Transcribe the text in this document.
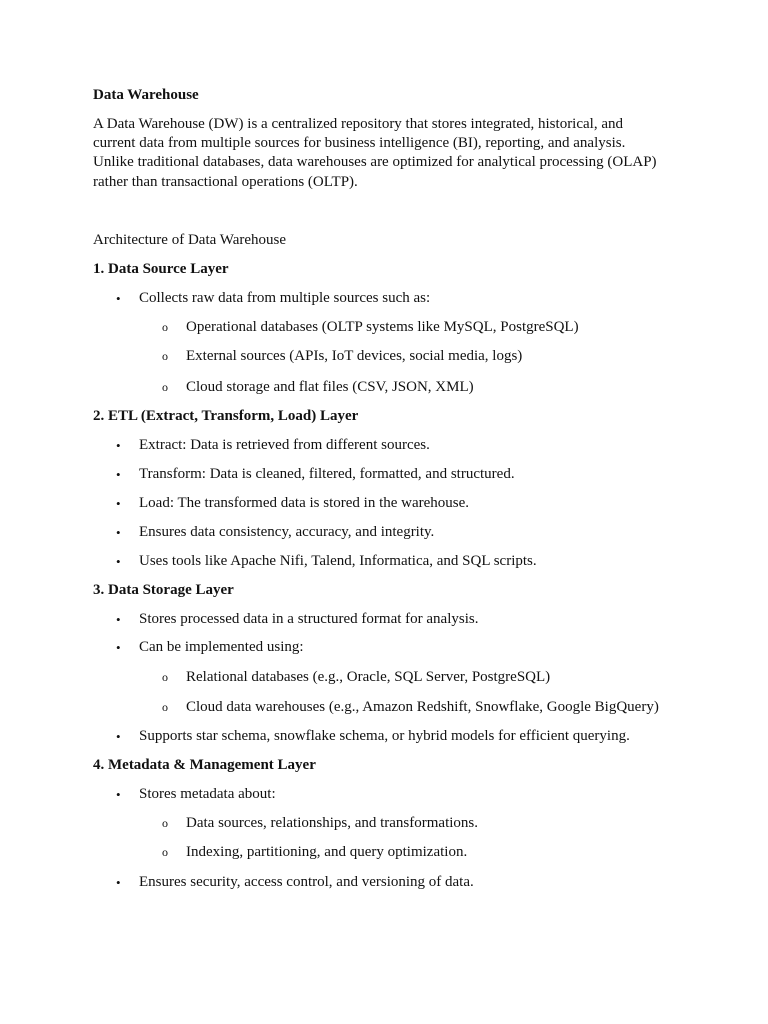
Data Warehouse
A Data Warehouse (DW) is a centralized repository that stores integrated, historical, and
current data from multiple sources for business intelligence (BI), reporting, and analysis.
Unlike traditional databases, data warehouses are optimized for analytical processing (OLAP)
rather than transactional operations (OLTP).
Architecture of Data Warehouse
1. Data Source Layer
• Collects raw data from multiple sources such as:
o Operational databases (OLTP systems like MySQL, PostgreSQL)
o External sources (APIs, IoT devices, social media, logs)
o Cloud storage and flat files (CSV, JSON, XML)
2. ETL (Extract, Transform, Load) Layer
• Extract: Data is retrieved from different sources.
• Transform: Data is cleaned, filtered, formatted, and structured.
• Load: The transformed data is stored in the warehouse.
• Ensures data consistency, accuracy, and integrity.
• Uses tools like Apache Nifi, Talend, Informatica, and SQL scripts.
3. Data Storage Layer
• Stores processed data in a structured format for analysis.
• Can be implemented using:
o Relational databases (e.g., Oracle, SQL Server, PostgreSQL)
o Cloud data warehouses (e.g., Amazon Redshift, Snowflake, Google BigQuery)
• Supports star schema, snowflake schema, or hybrid models for efficient querying.
4. Metadata & Management Layer
• Stores metadata about:
o Data sources, relationships, and transformations.
o Indexing, partitioning, and query optimization.
• Ensures security, access control, and versioning of data.
